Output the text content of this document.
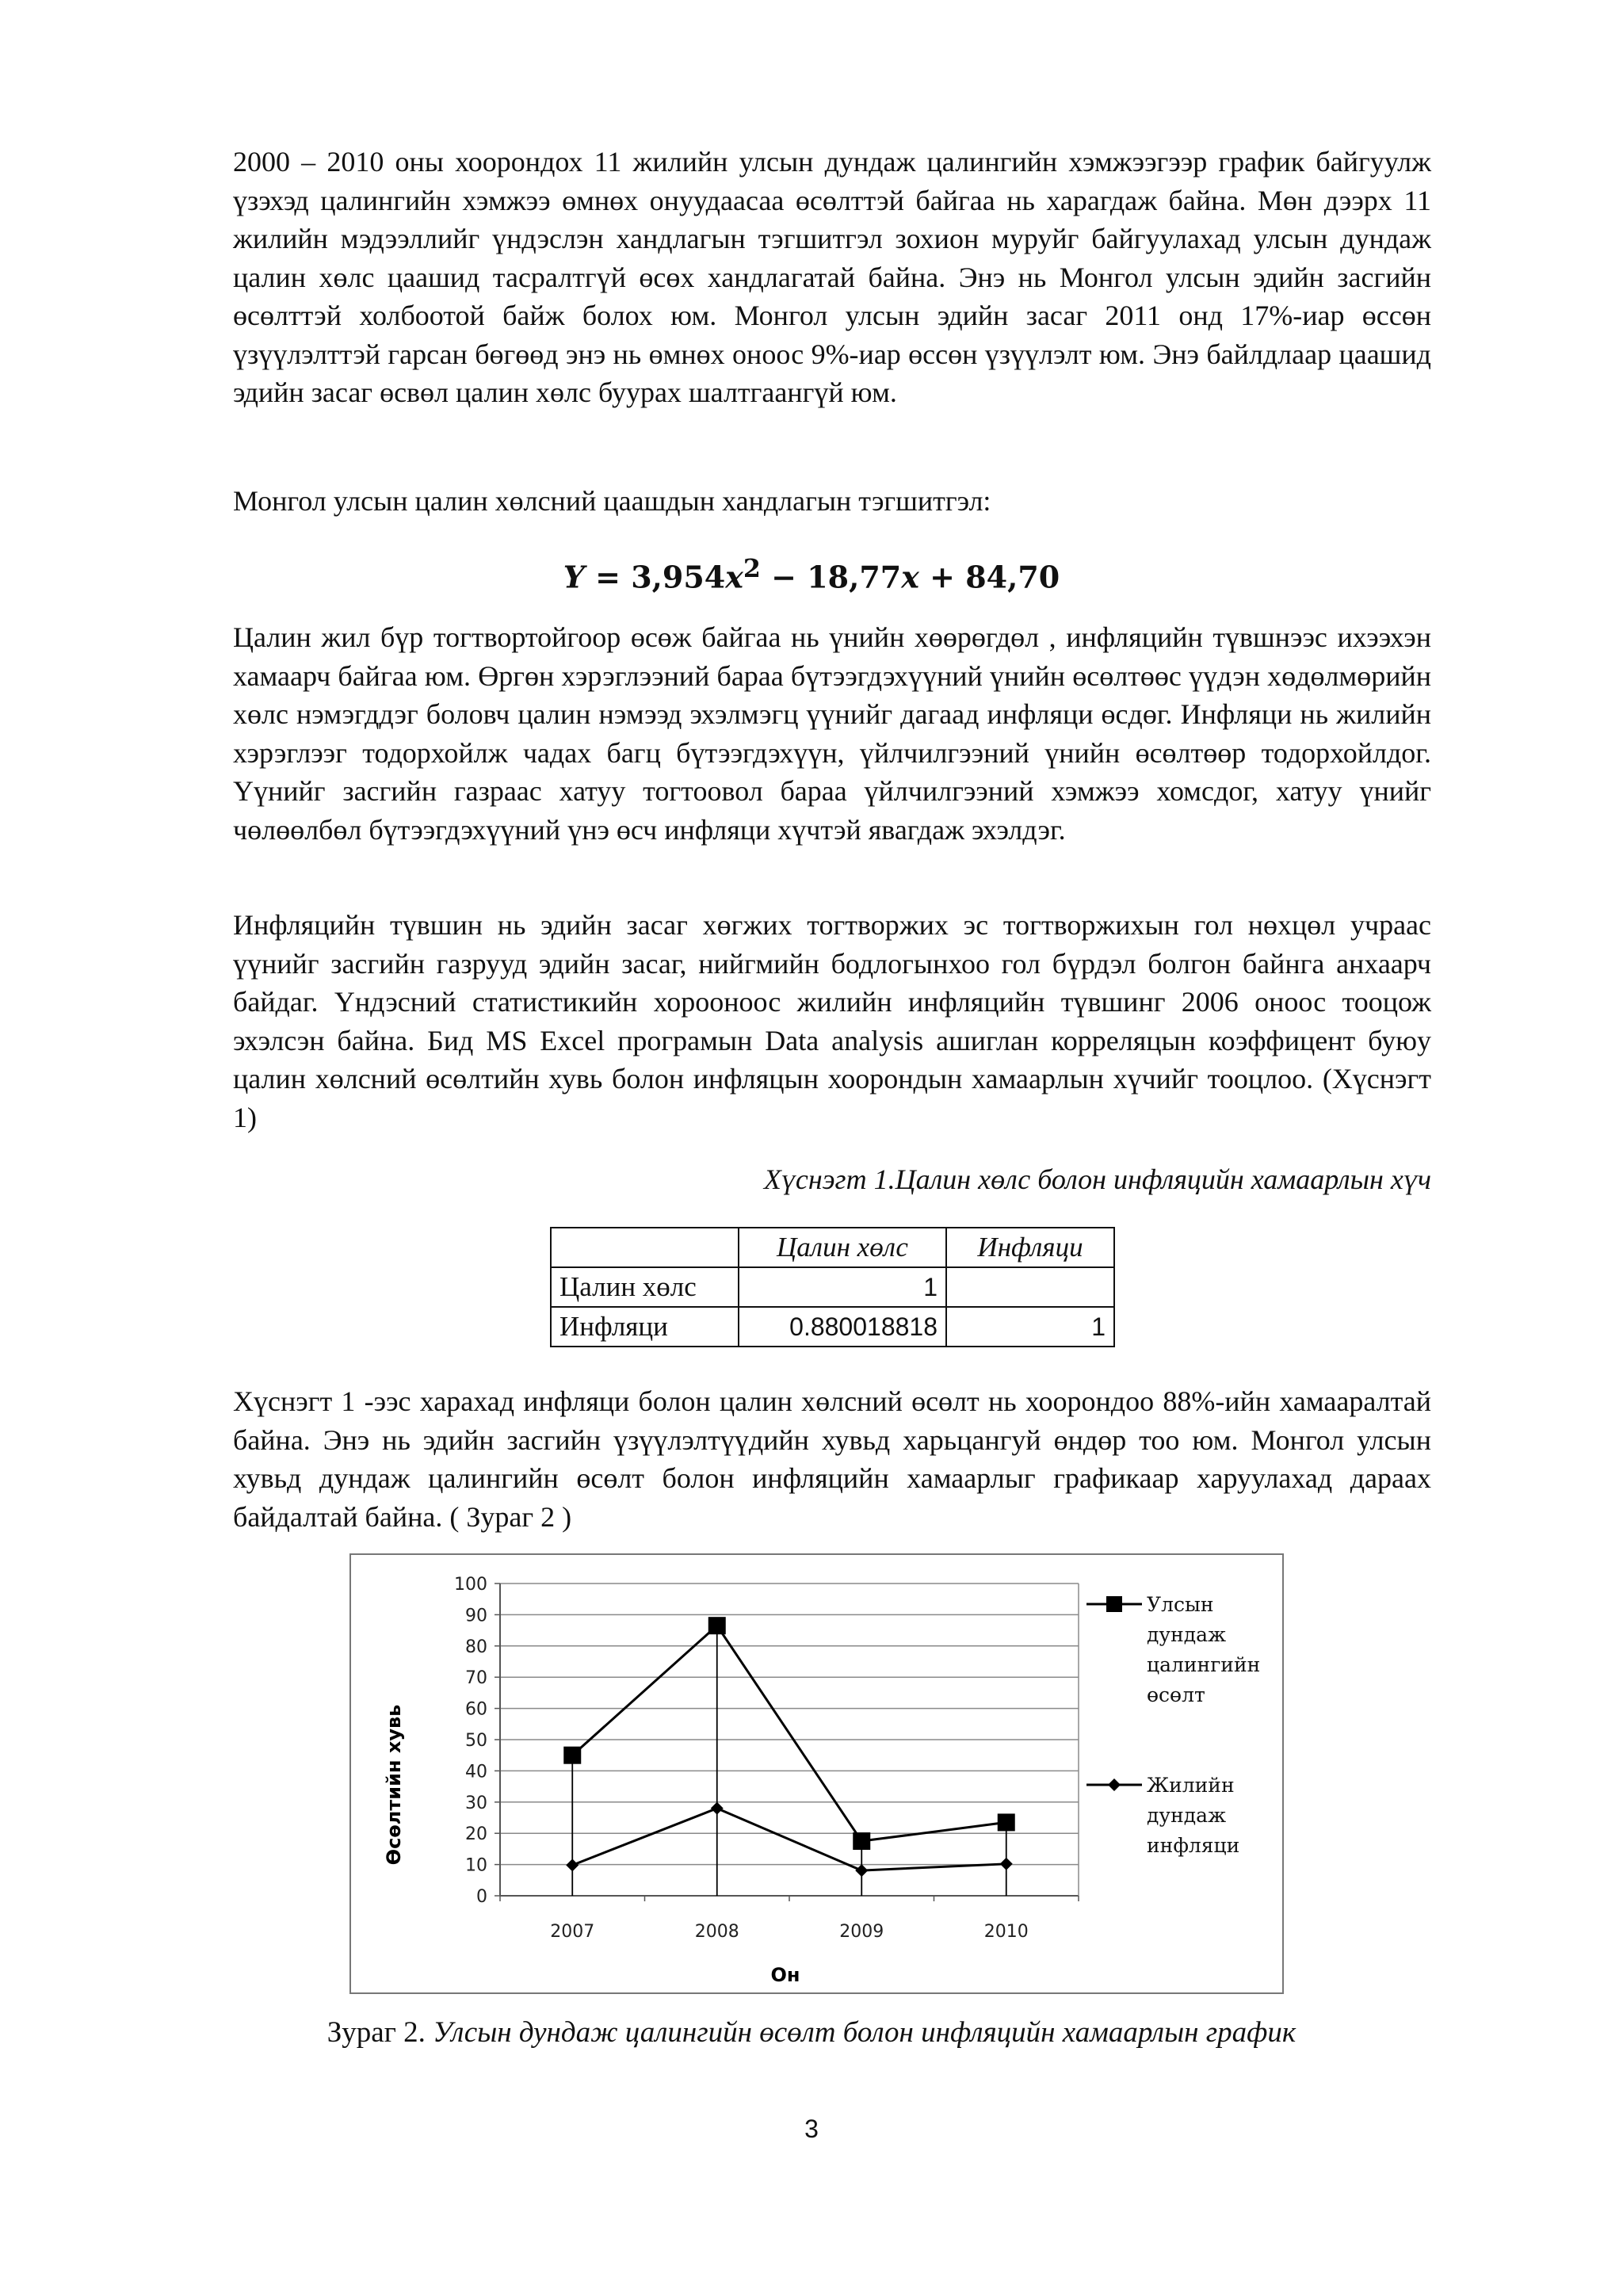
2000 – 2010 оны хоорондох 11 жилийн улсын дундаж цалингийн хэмжээгээр график байгуулж үзэхэд цалингийн хэмжээ өмнөх онуудаасаа өсөлттэй байгаа нь харагдаж байна. Мөн дээрх 11 жилийн мэдээллийг үндэслэн хандлагын тэгшитгэл зохион муруйг байгуулахад улсын дундаж цалин хөлс цаашид тасралтгүй өсөх хандлагатай байна. Энэ нь Монгол улсын эдийн засгийн өсөлттэй холбоотой байж болох юм. Монгол улсын эдийн засаг 2011 онд 17%-иар өссөн үзүүлэлттэй гарсан бөгөөд энэ нь өмнөх оноос 9%-иар өссөн үзүүлэлт юм. Энэ байлдлаар цаашид эдийн засаг өсвөл цалин хөлс буурах шалтгаангүй юм.

Монгол улсын цалин хөлсний цаашдын хандлагын тэгшитгэл:

$Y = 3,954x^2 - 18,77x + 84,70$

Цалин жил бүр тогтвортойгоор өсөж байгаа нь үнийн хөөрөгдөл , инфляцийн түвшнээс ихээхэн хамаарч байгаа юм. Өргөн хэрэглээний бараа бүтээгдэхүүний үнийн өсөлтөөс үүдэн хөдөлмөрийн хөлс нэмэгддэг боловч цалин нэмээд эхэлмэгц үүнийг дагаад инфляци өсдөг. Инфляци нь жилийн хэрэглээг тодорхойлж чадах багц бүтээгдэхүүн, үйлчилгээний үнийн өсөлтөөр тодорхойлдог. Үүнийг засгийн газраас хатуу тогтоовол бараа үйлчилгээний хэмжээ хомсдог, хатуу үнийг чөлөөлбөл бүтээгдэхүүний үнэ өсч инфляци хүчтэй явагдаж эхэлдэг.

Инфляцийн түвшин нь эдийн засаг хөгжих тогтворжих эс тогтворжихын гол нөхцөл учраас үүнийг засгийн газрууд эдийн засаг, нийгмийн бодлогынхоо гол бүрдэл болгон байнга анхаарч байдаг. Үндэсний статистикийн хорооноос жилийн инфляцийн түвшинг 2006 оноос тооцож эхэлсэн байна. Бид MS Excel програмын Data analysis ашиглан корреляцын коэффицент буюу цалин хөлсний өсөлтийн хувь болон инфляцын хоорондын хамаарлын хүчийг тооцлоо. (Хүснэгт 1)

Хүснэгт 1.Цалин хөлс болон инфляцийн хамаарлын хүч
	Цалин хөлс	Инфляци
Цалин хөлс	1	
Инфляци	0.880018818	1

Хүснэгт 1 -ээс харахад инфляци болон цалин хөлсний өсөлт нь хоорондоо 88%-ийн хамааралтай байна. Энэ нь эдийн засгийн үзүүлэлтүүдийн хувьд харьцангуй өндөр тоо юм. Монгол улсын хувьд дундаж цалингийн өсөлт болон инфляцийн хамаарлыг графикаар харуулахад дараах байдалтай байна. ( Зураг 2 )

0
10
20
30
40
50
60
70
80
90
100
2007	2008	2009	2010
Улсын
дундаж
цалингийн
өсөлт
Жилийн
дундаж
инфляци
Өсөлтийн хувь
Он
Зураг 2. Улсын дундаж цалингийн өсөлт болон инфляцийн хамаарлын график
3
